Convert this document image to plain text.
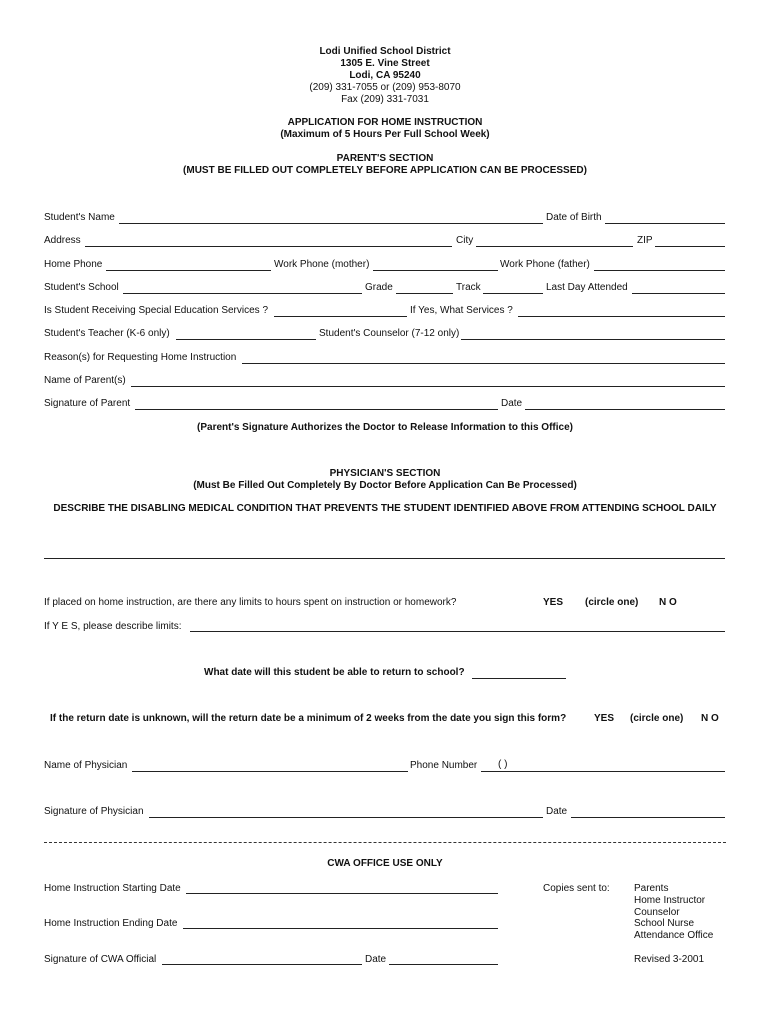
Lodi Unified School District
1305 E. Vine Street
Lodi, CA 95240
(209) 331-7055 or (209) 953-8070
Fax (209) 331-7031
APPLICATION FOR HOME INSTRUCTION
(Maximum of 5 Hours Per Full School Week)
PARENT'S SECTION
(MUST BE FILLED OUT COMPLETELY BEFORE APPLICATION CAN BE PROCESSED)
Student's Name	Date of Birth
Address	City	ZIP
Home Phone	Work Phone (mother)	Work Phone (father)
Student's School	Grade	Track	Last Day Attended
Is Student Receiving Special Education Services ?	If Yes, What Services ?
Student's Teacher (K-6 only)	Student's Counselor (7-12 only)
Reason(s) for Requesting Home Instruction
Name of Parent(s)
Signature of Parent	Date
(Parent's Signature Authorizes the Doctor to Release Information to this Office)
PHYSICIAN'S SECTION
(Must Be Filled Out Completely By Doctor Before Application Can Be Processed)
DESCRIBE THE DISABLING MEDICAL CONDITION THAT PREVENTS THE STUDENT IDENTIFIED ABOVE FROM ATTENDING SCHOOL DAILY
If placed on home instruction, are there any limits to hours spent on instruction or homework?	YES (circle one) N O
If Y E S, please describe limits:
What date will this student be able to return to school?
If the return date is unknown, will the return date be a minimum of 2 weeks from the date you sign this form?	YES (circle one) N O
Name of Physician	Phone Number ( )
Signature of Physician	Date
CWA OFFICE USE ONLY
Home Instruction Starting Date
Home Instruction Ending Date
Signature of CWA Official	Date
Copies sent to: Parents
Home Instructor
Counselor
School Nurse
Attendance Office
Revised 3-2001
